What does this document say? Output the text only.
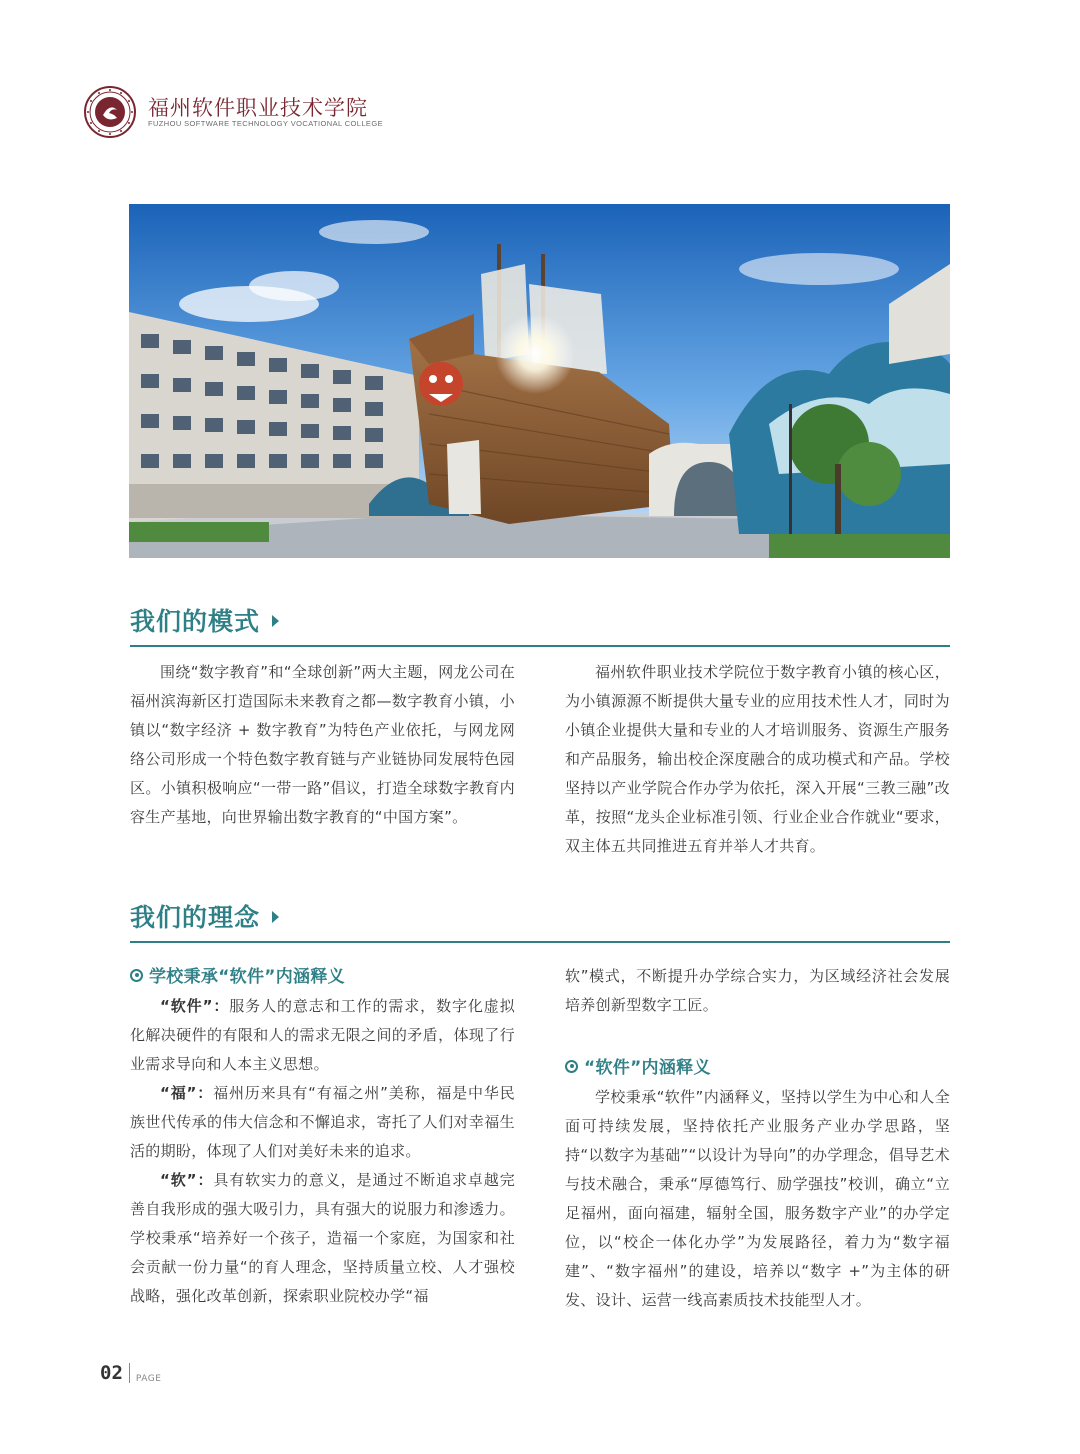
福州软件职业技术学院
FUZHOU SOFTWARE TECHNOLOGY VOCATIONAL COLLEGE
我们的模式

围绕“数字教育”和“全球创新”两大主题，网龙公司在福州滨海新区打造国际未来教育之都—数字教育小镇，小镇以“数字经济 + 数字教育”为特色产业依托，与网龙网络公司形成一个特色数字教育链与产业链协同发展特色园区。小镇积极响应“一带一路”倡议，打造全球数字教育内容生产基地，向世界输出数字教育的“中国方案”。

福州软件职业技术学院位于数字教育小镇的核心区，为小镇源源不断提供大量专业的应用技术性人才，同时为小镇企业提供大量和专业的人才培训服务、资源生产服务和产品服务，输出校企深度融合的成功模式和产品。学校坚持以产业学院合作办学为依托，深入开展“三教三融”改革，按照“龙头企业标准引领、行业企业合作就业“要求，双主体五共同推进五育并举人才共育。

我们的理念
学校秉承“软件”内涵释义

“软件”：服务人的意志和工作的需求，数字化虚拟化解决硬件的有限和人的需求无限之间的矛盾，体现了行业需求导向和人本主义思想。

“福”：福州历来具有“有福之州”美称，福是中华民族世代传承的伟大信念和不懈追求，寄托了人们对幸福生活的期盼，体现了人们对美好未来的追求。

“软”：具有软实力的意义，是通过不断追求卓越完善自我形成的强大吸引力，具有强大的说服力和渗透力。学校秉承“培养好一个孩子，造福一个家庭，为国家和社会贡献一份力量“的育人理念，坚持质量立校、人才强校战略，强化改革创新，探索职业院校办学“福

软”模式，不断提升办学综合实力，为区域经济社会发展培养创新型数字工匠。

“软件”内涵释义

学校秉承“软件”内涵释义，坚持以学生为中心和人全面可持续发展，坚持依托产业服务产业办学思路，坚持“以数字为基础”“以设计为导向”的办学理念，倡导艺术与技术融合，秉承“厚德笃行、励学强技”校训，确立“立足福州，面向福建，辐射全国，服务数字产业”的办学定位，以“校企一体化办学”为发展路径，着力为“数字福建”、“数字福州”的建设，培养以“数字 +”为主体的研发、设计、运营一线高素质技术技能型人才。

02 PAGE
